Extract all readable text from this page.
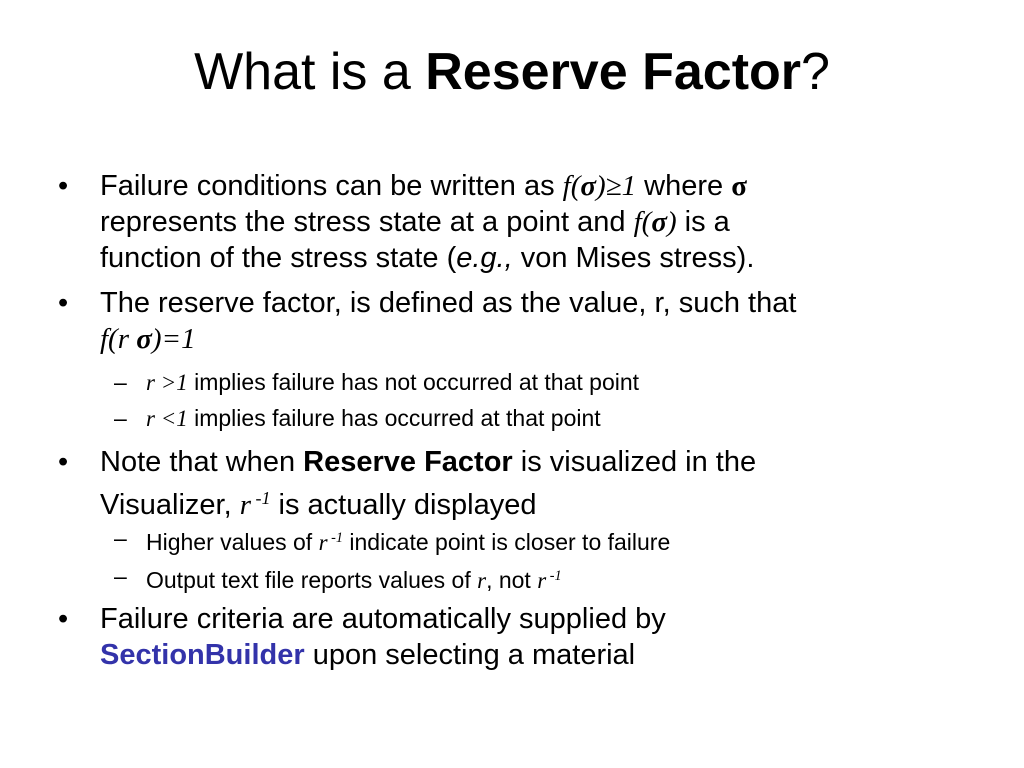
What is a Reserve Factor?
• Failure conditions can be written as f(σ)≥1 where σ
represents the stress state at a point and f(σ) is a
function of the stress state (e.g., von Mises stress).
• The reserve factor, is defined as the value, r, such that
f(r σ)=1
– r >1 implies failure has not occurred at that point
– r <1 implies failure has occurred at that point
• Note that when Reserve Factor is visualized in the
Visualizer, r $^{-1}$ is actually displayed
– Higher values of r $^{-1}$ indicate point is closer to failure
– Output text file reports values of r, not r $^{-1}$
• Failure criteria are automatically supplied by
SectionBuilder upon selecting a material
